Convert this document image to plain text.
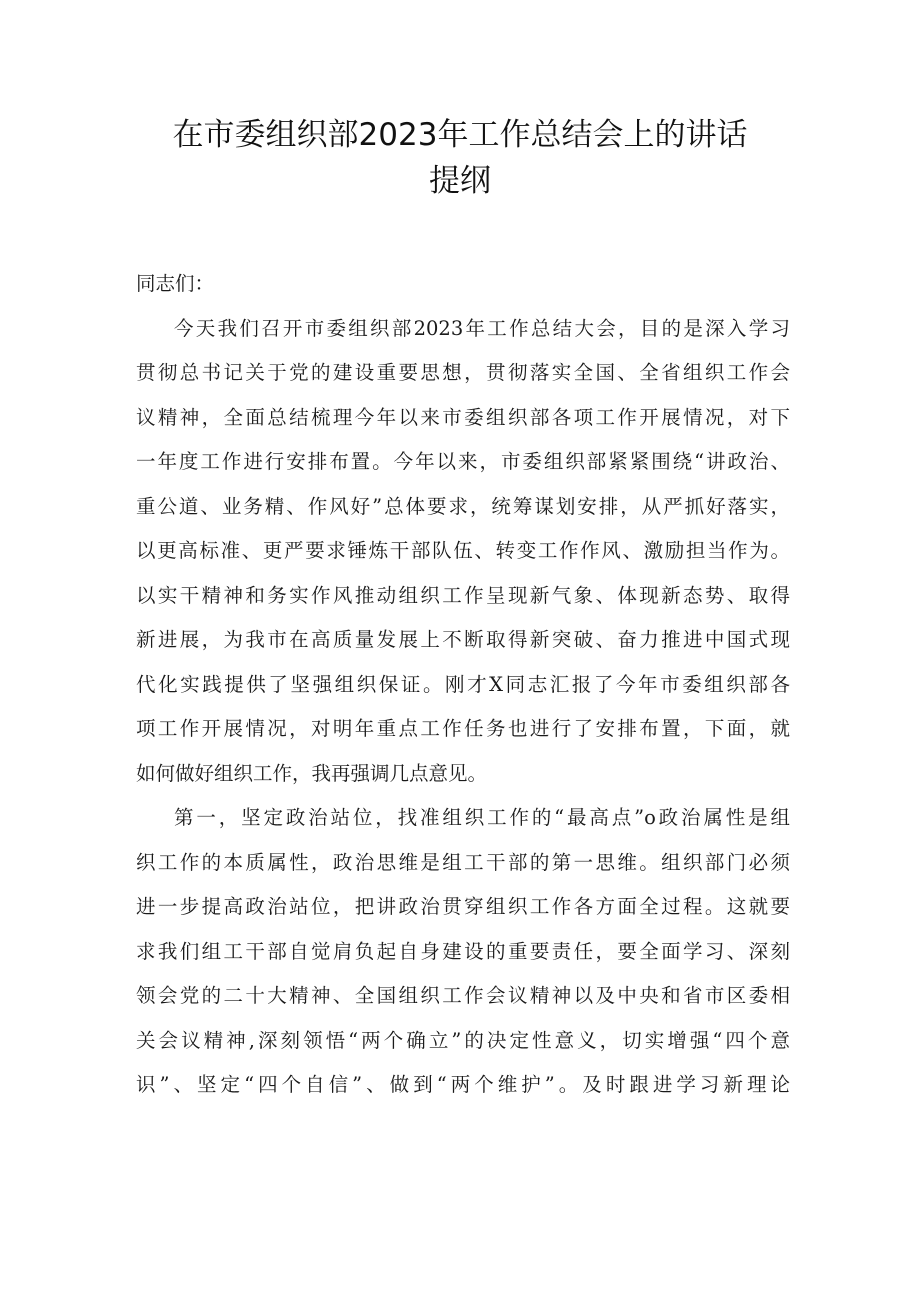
在市委组织部2023年工作总结会上的讲话
提纲
同志们：
今天我们召开市委组织部2023年工作总结大会，目的是深入学习
贯彻总书记关于党的建设重要思想，贯彻落实全国、全省组织工作会
议精神，全面总结梳理今年以来市委组织部各项工作开展情况，对下
一年度工作进行安排布置。今年以来，市委组织部紧紧围绕“讲政治、
重公道、业务精、作风好”总体要求，统筹谋划安排，从严抓好落实，
以更高标准、更严要求锤炼干部队伍、转变工作作风、激励担当作为。
以实干精神和务实作风推动组织工作呈现新气象、体现新态势、取得
新进展，为我市在高质量发展上不断取得新突破、奋力推进中国式现
代化实践提供了坚强组织保证。刚才X同志汇报了今年市委组织部各
项工作开展情况，对明年重点工作任务也进行了安排布置，下面，就
如何做好组织工作，我再强调几点意见。
第一，坚定政治站位，找准组织工作的“最高点”o政治属性是组
织工作的本质属性，政治思维是组工干部的第一思维。组织部门必须
进一步提高政治站位，把讲政治贯穿组织工作各方面全过程。这就要
求我们组工干部自觉肩负起自身建设的重要责任，要全面学习、深刻
领会党的二十大精神、全国组织工作会议精神以及中央和省市区委相
关会议精神,深刻领悟“两个确立”的决定性意义，切实增强“四个意
识”、坚定“四个自信”、做到“两个维护”。及时跟进学习新理论
